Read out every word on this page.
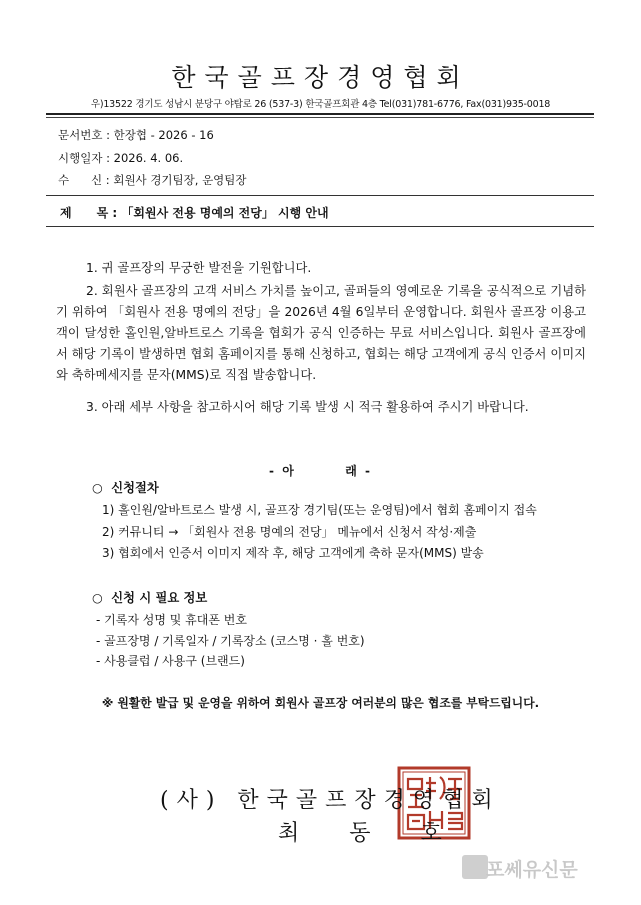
한국골프장경영협회
우)13522 경기도 성남시 분당구 야탑로 26 (537-3) 한국골프회관 4층 Tel(031)781-6776, Fax(031)935-0018
문서번호 : 한장협 - 2026 - 16
시행일자 : 2026. 4. 06.
수      신 : 회원사 경기팀장, 운영팀장
제      목 : 「회원사 전용 명예의 전당」 시행 안내
1. 귀 골프장의 무궁한 발전을 기원합니다.
2. 회원사 골프장의 고객 서비스 가치를 높이고, 골퍼들의 영예로운 기록을 공식적으로 기념하기 위하여 「회원사 전용 명예의 전당」을 2026년 4월 6일부터 운영합니다. 회원사 골프장 이용고객이 달성한 홀인원,알바트로스 기록을 협회가 공식 인증하는 무료 서비스입니다. 회원사 골프장에서 해당 기록이 발생하면 협회 홈페이지를 통해 신청하고, 협회는 해당 고객에게 공식 인증서 이미지와 축하메세지를 문자(MMS)로 직접 발송합니다.
3. 아래 세부 사항을 참고하시어 해당 기록 발생 시 적극 활용하여 주시기 바랍니다.
- 아        래 -
○  신청절차
1) 홀인원/알바트로스 발생 시, 골프장 경기팀(또는 운영팀)에서 협회 홈페이지 접속
2) 커뮤니티 → 「회원사 전용 명예의 전당」 메뉴에서 신청서 작성·제출
3) 협회에서 인증서 이미지 제작 후, 해당 고객에게 축하 문자(MMS) 발송
○  신청 시 필요 정보
- 기록자 성명 및 휴대폰 번호
- 골프장명 / 기록일자 / 기록장소 (코스명 · 홀 번호)
- 사용클럽 / 사용구 (브랜드)
※ 원활한 발급 및 운영을 위하여 회원사 골프장 여러분의 많은 협조를 부탁드립니다.
(사) 한국골프장경영협회
최  동  호
포쎄유신문
